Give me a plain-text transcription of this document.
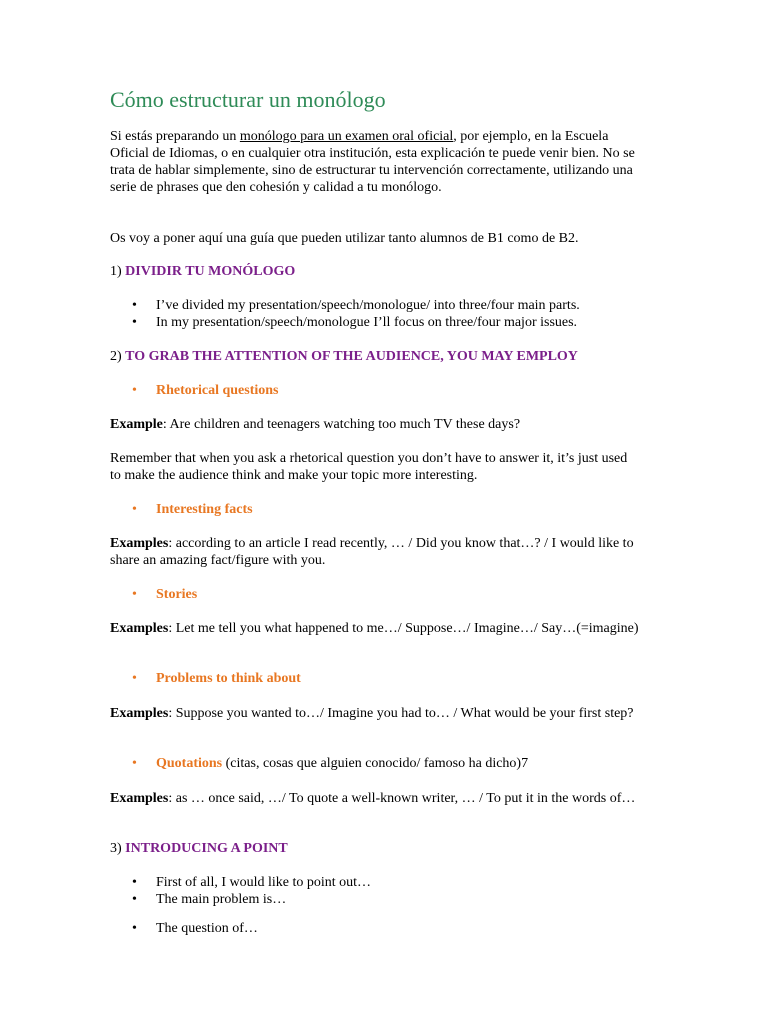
Cómo estructurar un monólogo

Si estás preparando un monólogo para un examen oral oficial, por ejemplo, en la Escuela Oficial de Idiomas, o en cualquier otra institución, esta explicación te puede venir bien. No se trata de hablar simplemente, sino de estructurar tu intervención correctamente, utilizando una serie de phrases que den cohesión y calidad a tu monólogo.

Os voy a poner aquí una guía que pueden utilizar tanto alumnos de B1 como de B2.

1) DIVIDIR TU MONÓLOGO

• I’ve divided my presentation/speech/monologue/ into three/four main parts.
• In my presentation/speech/monologue I’ll focus on three/four major issues.

2) TO GRAB THE ATTENTION OF THE AUDIENCE, YOU MAY EMPLOY

• Rhetorical questions

Example: Are children and teenagers watching too much TV these days?

Remember that when you ask a rhetorical question you don’t have to answer it, it’s just used to make the audience think and make your topic more interesting.

• Interesting facts

Examples: according to an article I read recently, … / Did you know that…? / I would like to share an amazing fact/figure with you.

• Stories

Examples: Let me tell you what happened to me…/ Suppose…/ Imagine…/ Say…(=imagine)

• Problems to think about

Examples: Suppose you wanted to…/ Imagine you had to… / What would be your first step?

• Quotations (citas, cosas que alguien conocido/ famoso ha dicho)7

Examples: as … once said, …/ To quote a well-known writer, … / To put it in the words of…

3) INTRODUCING A POINT

• First of all, I would like to point out…
• The main problem is…
• The question of…
